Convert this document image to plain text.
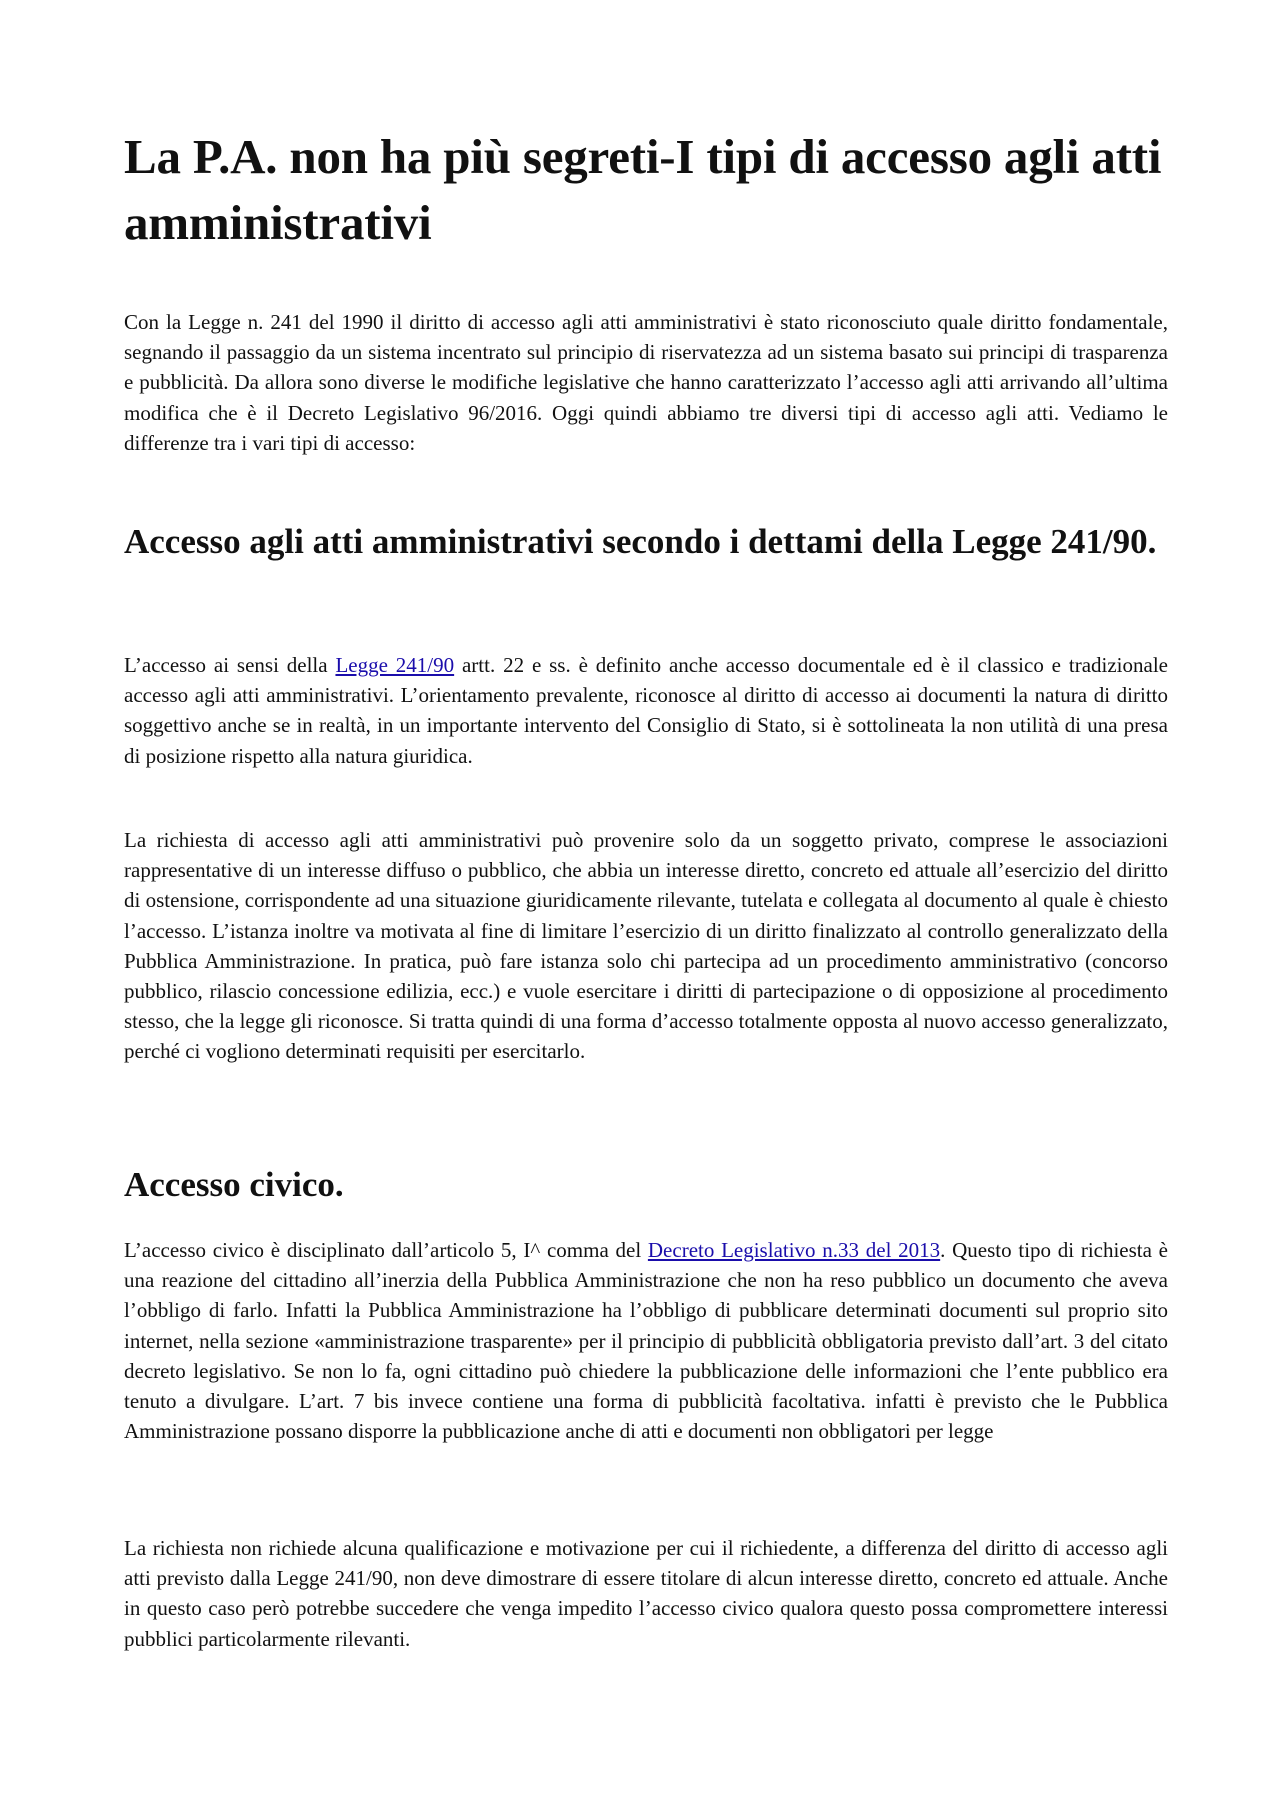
La P.A. non ha più segreti-I tipi di accesso agli atti amministrativi

Con la Legge n. 241 del 1990 il diritto di accesso agli atti amministrativi è stato riconosciuto quale diritto fondamentale, segnando il passaggio da un sistema incentrato sul principio di riservatezza ad un sistema basato sui principi di trasparenza e pubblicità. Da allora sono diverse le modifiche legislative che hanno caratterizzato l’accesso agli atti arrivando all’ultima modifica che è il Decreto Legislativo 96/2016. Oggi quindi abbiamo tre diversi tipi di accesso agli atti. Vediamo le differenze tra i vari tipi di accesso:

Accesso agli atti amministrativi secondo i dettami della Legge 241/90.

L’accesso ai sensi della Legge 241/90 artt. 22 e ss. è definito anche accesso documentale ed è il classico e tradizionale accesso agli atti amministrativi. L’orientamento prevalente, riconosce al diritto di accesso ai documenti la natura di diritto soggettivo anche se in realtà, in un importante intervento del Consiglio di Stato, si è sottolineata la non utilità di una presa di posizione rispetto alla natura giuridica.

La richiesta di accesso agli atti amministrativi può provenire solo da un soggetto privato, comprese le associazioni rappresentative di un interesse diffuso o pubblico, che abbia un interesse diretto, concreto ed attuale all’esercizio del diritto di ostensione, corrispondente ad una situazione giuridicamente rilevante, tutelata e collegata al documento al quale è chiesto l’accesso. L’istanza inoltre va motivata al fine di limitare l’esercizio di un diritto finalizzato al controllo generalizzato della Pubblica Amministrazione. In pratica, può fare istanza solo chi partecipa ad un procedimento amministrativo (concorso pubblico, rilascio concessione edilizia, ecc.) e vuole esercitare i diritti di partecipazione o di opposizione al procedimento stesso, che la legge gli riconosce. Si tratta quindi di una forma d’accesso totalmente opposta al nuovo accesso generalizzato, perché ci vogliono determinati requisiti per esercitarlo.

Accesso civico.

L’accesso civico è disciplinato dall’articolo 5, I^ comma del Decreto Legislativo n.33 del 2013. Questo tipo di richiesta è una reazione del cittadino all’inerzia della Pubblica Amministrazione che non ha reso pubblico un documento che aveva l’obbligo di farlo. Infatti la Pubblica Amministrazione ha l’obbligo di pubblicare determinati documenti sul proprio sito internet, nella sezione «amministrazione trasparente» per il principio di pubblicità obbligatoria previsto dall’art. 3 del citato decreto legislativo. Se non lo fa, ogni cittadino può chiedere la pubblicazione delle informazioni che l’ente pubblico era tenuto a divulgare. L’art. 7 bis invece contiene una forma di pubblicità facoltativa. infatti è previsto che le Pubblica Amministrazione possano disporre la pubblicazione anche di atti e documenti non obbligatori per legge

La richiesta non richiede alcuna qualificazione e motivazione per cui il richiedente, a differenza del diritto di accesso agli atti previsto dalla Legge 241/90, non deve dimostrare di essere titolare di alcun interesse diretto, concreto ed attuale. Anche in questo caso però potrebbe succedere che venga impedito l’accesso civico qualora questo possa compromettere interessi pubblici particolarmente rilevanti.
